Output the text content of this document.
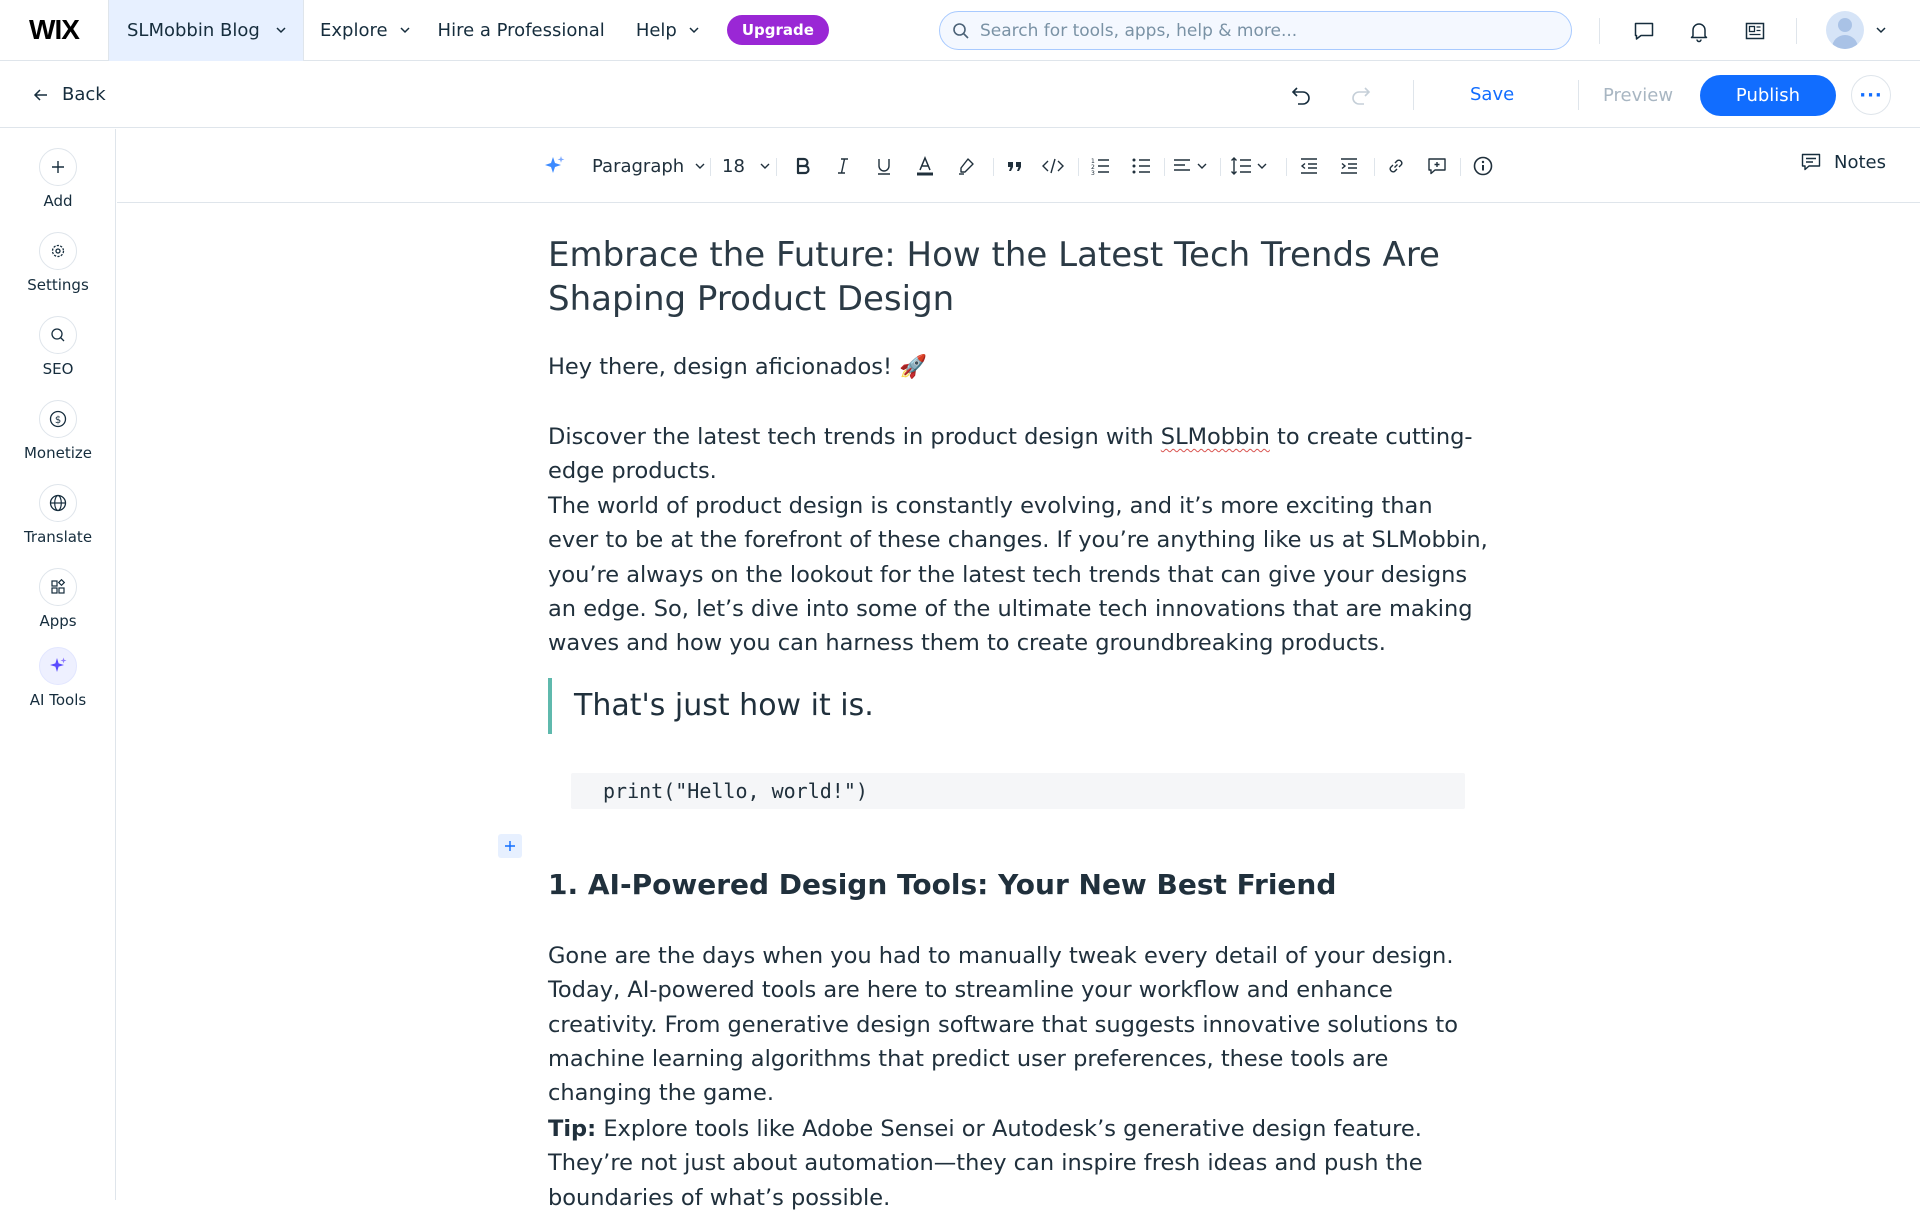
WIX	SLMobbin Blog	Explore	Hire a Professional Help	Upgrade
Search for tools, apps, help & more...
Back	Save	Preview	Publish	···
Add
Settings
SEO
$
Monetize
Translate
Apps
AI Tools
Paragraph 18	1
2
3
Notes
Embrace the Future: How the Latest Tech Trends Are Shaping Product Design

Hey there, design aficionados! 🚀

Discover the latest tech trends in product design with SLMobbin to create cutting-edge products.

The world of product design is constantly evolving, and it’s more exciting than ever to be at the forefront of these changes. If you’re anything like us at SLMobbin, you’re always on the lookout for the latest tech trends that can give your designs an edge. So, let’s dive into some of the ultimate tech innovations that are making waves and how you can harness them to create groundbreaking products.

That's just how it is.
print("Hello, world!")
1. AI-Powered Design Tools: Your New Best Friend

Gone are the days when you had to manually tweak every detail of your design. Today, AI-powered tools are here to streamline your workflow and enhance creativity. From generative design software that suggests innovative solutions to machine learning algorithms that predict user preferences, these tools are changing the game.

Tip: Explore tools like Adobe Sensei or Autodesk’s generative design feature. They’re not just about automation—they can inspire fresh ideas and push the boundaries of what’s possible.
